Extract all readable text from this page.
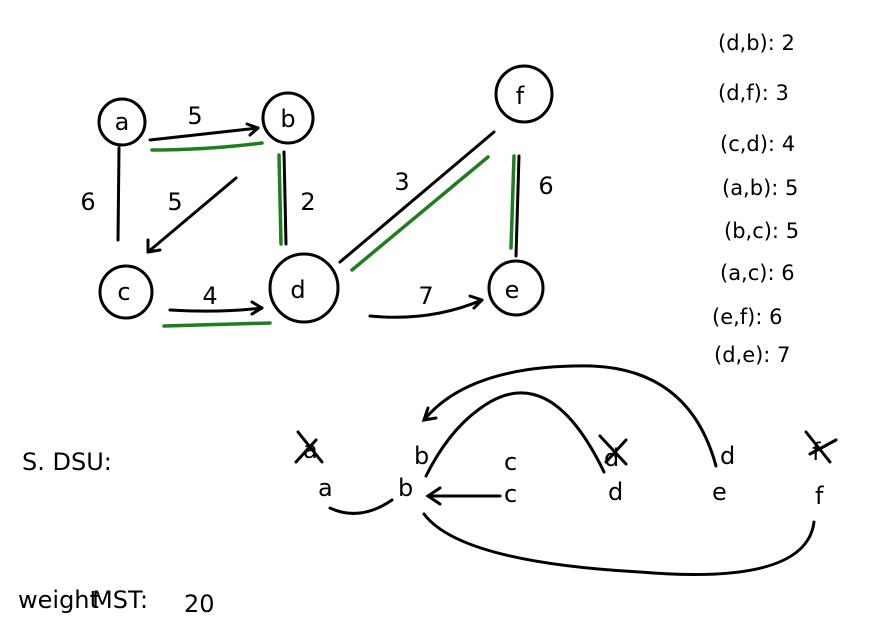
a	b
c	d	e
f
5
6	5	2
4
3
7
6
(d,b): 2
(d,f): 3
(c,d): 4
(a,b): 5
(b,c): 5
(a,c): 6
(e,f): 6
(d,e): 7
S. DSU:
a	b	c	d	e	f
a	b	c	d	d	f
weight
MST: 20
